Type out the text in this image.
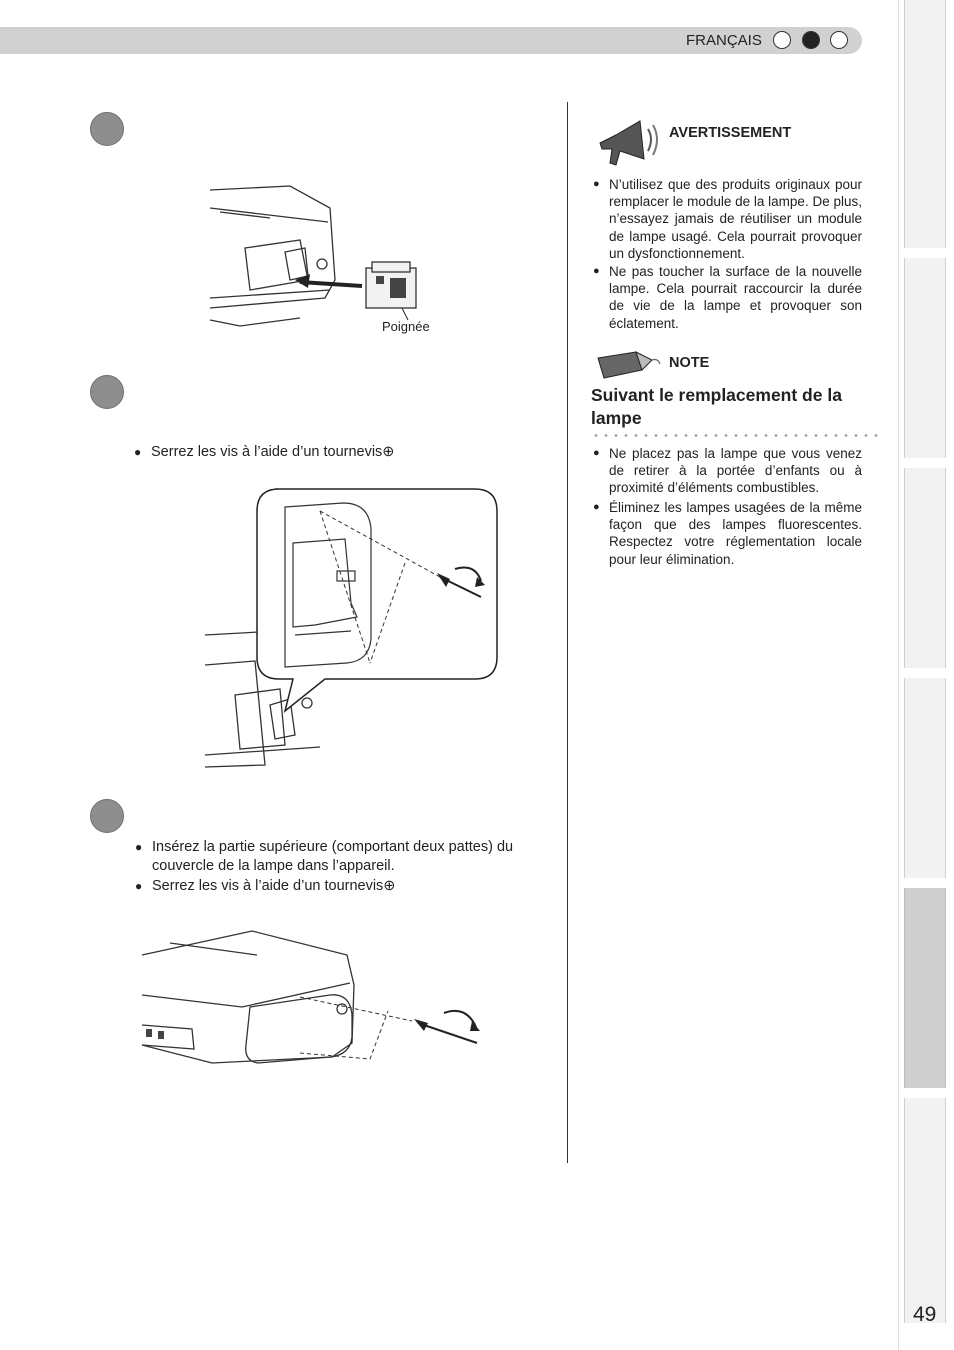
FRANÇAIS
49
Poignée
● Serrez les vis à l’aide d’un tournevis⊕
● Insérez la partie supérieure (comportant deux pattes) du
couvercle de la lampe dans l’appareil.
● Serrez les vis à l’aide d’un tournevis⊕
AVERTISSEMENT
● N’utilisez que des produits originaux pour remplacer le module de la lampe. De plus, n’essayez jamais de réutiliser un module de lampe usagé. Cela pourrait provoquer un dysfonctionnement.
● Ne pas toucher la surface de la nouvelle lampe. Cela pourrait raccourcir la durée de vie de la lampe et provoquer son éclatement.
NOTE
Suivant le remplacement de la lampe
● Ne placez pas la lampe que vous venez de retirer à la portée d’enfants ou à proximité d’éléments combustibles.
● Éliminez les lampes usagées de la même façon que des lampes fluorescentes. Respectez votre réglementation locale pour leur élimination.
